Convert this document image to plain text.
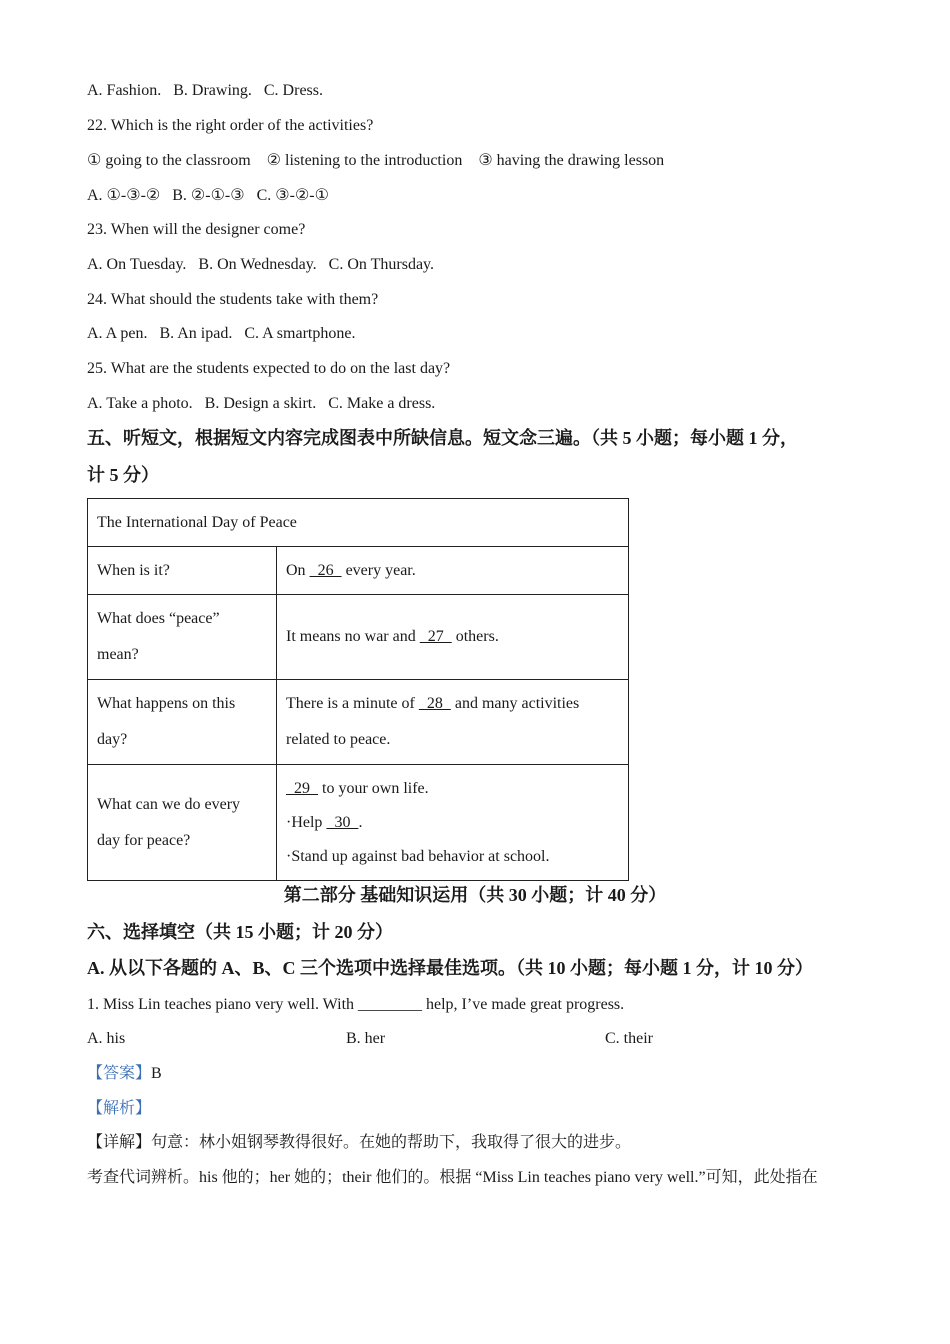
A. Fashion.   B. Drawing.   C. Dress.
22. Which is the right order of the activities?
① going to the classroom    ② listening to the introduction    ③ having the drawing lesson
A. ①-③-②   B. ②-①-③   C. ③-②-①
23. When will the designer come?
A. On Tuesday.   B. On Wednesday.   C. On Thursday.
24. What should the students take with them?
A. A pen.   B. An ipad.   C. A smartphone.
25. What are the students expected to do on the last day?
A. Take a photo.   B. Design a skirt.   C. Make a dress.
五、听短文，根据短文内容完成图表中所缺信息。短文念三遍。（共 5 小题；每小题 1 分，
计 5 分）
The International Day of Peace	
When is it?	On   26   every year.
What does “peace”
mean?	It means no war and   27   others.
What happens on this
day?	There is a minute of   28   and many activities
related to peace.
What can we do every
day for peace?	29   to your own life.
·Help   30  .
·Stand up against bad behavior at school.
第二部分 基础知识运用（共 30 小题；计 40 分）
六、选择填空（共 15 小题；计 20 分）
A. 从以下各题的 A、B、C 三个选项中选择最佳选项。（共 10 小题；每小题 1 分，计 10 分）
1. Miss Lin teaches piano very well. With ________ help, I’ve made great progress.
A. his	B. her	C. their
【答案】B
【解析】
【详解】句意：林小姐钢琴教得很好。在她的帮助下，我取得了很大的进步。
考查代词辨析。his 他的；her 她的；their 他们的。根据 “Miss Lin teaches piano very well.”可知，此处指在
